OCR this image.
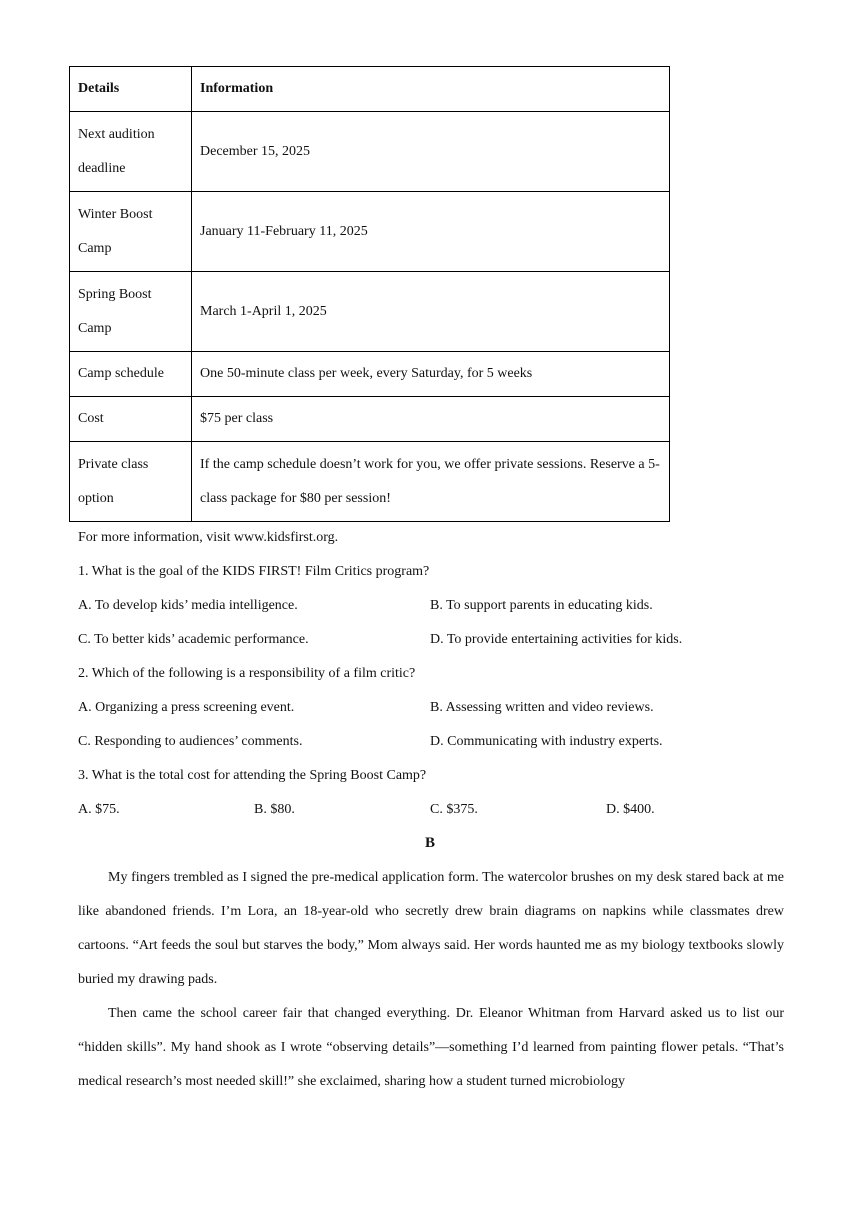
Details	Information
Next audition deadline	December 15, 2025
Winter Boost Camp	January 11-February 11, 2025
Spring Boost Camp	March 1-April 1, 2025
Camp schedule	One 50-minute class per week, every Saturday, for 5 weeks
Cost	$75 per class
Private class option	If the camp schedule doesn’t work for you, we offer private sessions. Reserve a 5-class package for $80 per session!
For more information, visit www.kidsfirst.org.
1. What is the goal of the KIDS FIRST! Film Critics program?
A. To develop kids’ media intelligence.	B. To support parents in educating kids.
C. To better kids’ academic performance.	D. To provide entertaining activities for kids.
2. Which of the following is a responsibility of a film critic?
A. Organizing a press screening event.	B. Assessing written and video reviews.
C. Responding to audiences’ comments.	D. Communicating with industry experts.
3. What is the total cost for attending the Spring Boost Camp?
A. $75.	B. $80.	C. $375.	D. $400.
B
My fingers trembled as I signed the pre-medical application form. The watercolor brushes on my desk stared back at me like abandoned friends. I’m Lora, an 18-year-old who secretly drew brain diagrams on napkins while classmates drew cartoons. “Art feeds the soul but starves the body,” Mom always said. Her words haunted me as my biology textbooks slowly buried my drawing pads.
Then came the school career fair that changed everything. Dr. Eleanor Whitman from Harvard asked us to list our “hidden skills”. My hand shook as I wrote “observing details”—something I’d learned from painting flower petals. “That’s medical research’s most needed skill!” she exclaimed, sharing how a student turned microbiology
